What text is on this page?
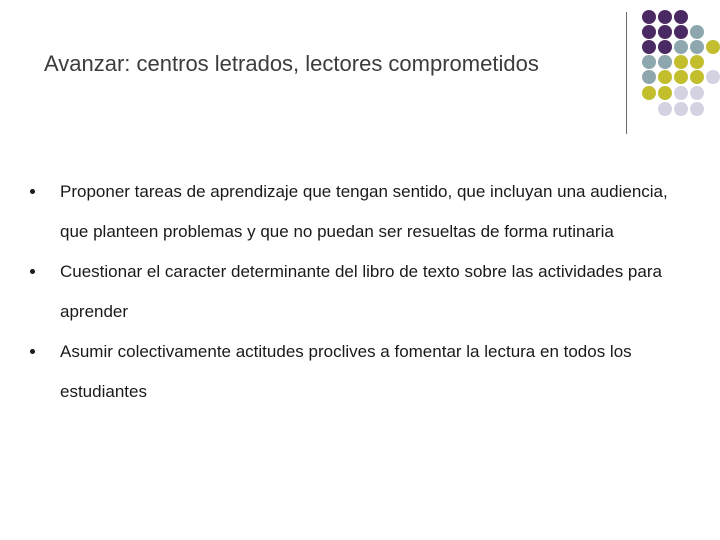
Avanzar: centros letrados, lectores comprometidos
Proponer tareas de aprendizaje que tengan sentido, que incluyan una audiencia, que planteen problemas y que no puedan ser resueltas de forma rutinaria
Cuestionar el caracter determinante del libro de texto sobre las actividades para aprender
Asumir colectivamente actitudes proclives a fomentar la lectura en todos los estudiantes
